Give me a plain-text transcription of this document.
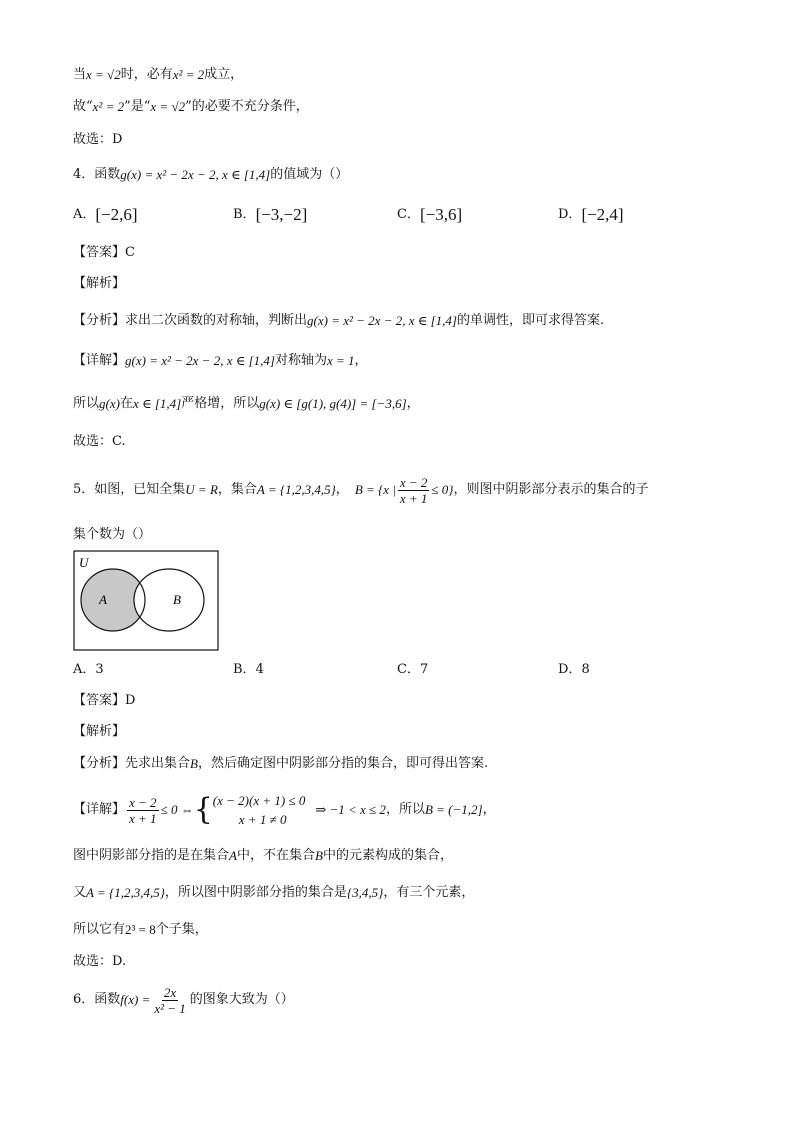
当 x = √2 时，必有 x² = 2 成立，
故“ x² = 2 ”是“ x = √2 ”的必要不充分条件，
故选：D
4．函数 g(x) = x² − 2x − 2, x ∈ [1,4] 的值域为（）
A． [−2,6]	B． [−3,−2]	C． [−3,6]	D． [−2,4]
【答案】 C
【解析】
【分析】 求出二次函数的对称轴，判断出 g(x) = x² − 2x − 2, x ∈ [1,4] 的单调性，即可求得答案.
【详解】 g(x) = x² − 2x − 2, x ∈ [1,4] 对称轴为 x = 1 ，
所以 g(x) 在 x ∈ [1,4] 严格增，所以 g(x) ∈ [g(1), g(4)] = [−3,6] ，
故选：C.
5．如图，已知全集 U = R ，集合 A = {1,2,3,4,5} ， B = {x | $\frac{x - 2}{x + 1} \le 0$} ，则图中阴影部分表示的集合的子
集个数为（）
U
A	B
A． 3	B． 4	C． 7	D． 8
【答案】 D
【解析】
【分析】 先求出集合 B ，然后确定图中阴影部分指的集合，即可得出答案.
【详解】 $\frac{x - 2}{x + 1} \le 0$ ⇔ { (x − 2)(x + 1) ≤ 0
x + 1 ≠ 0
⇒ −1 < x ≤ 2 ，所以 B = (−1,2] ，
图中阴影部分指的是在集合 A 中，不在集合 B 中的元素构成的集合，
又 A = {1,2,3,4,5} ，所以图中阴影部分指的集合是 {3,4,5} ，有三个元素，
所以它有 2³ = 8 个子集，
故选：D.
6．函数 $f(x) = \frac{2x}{\text{x² − 1}}$ 的图象大致为（）
